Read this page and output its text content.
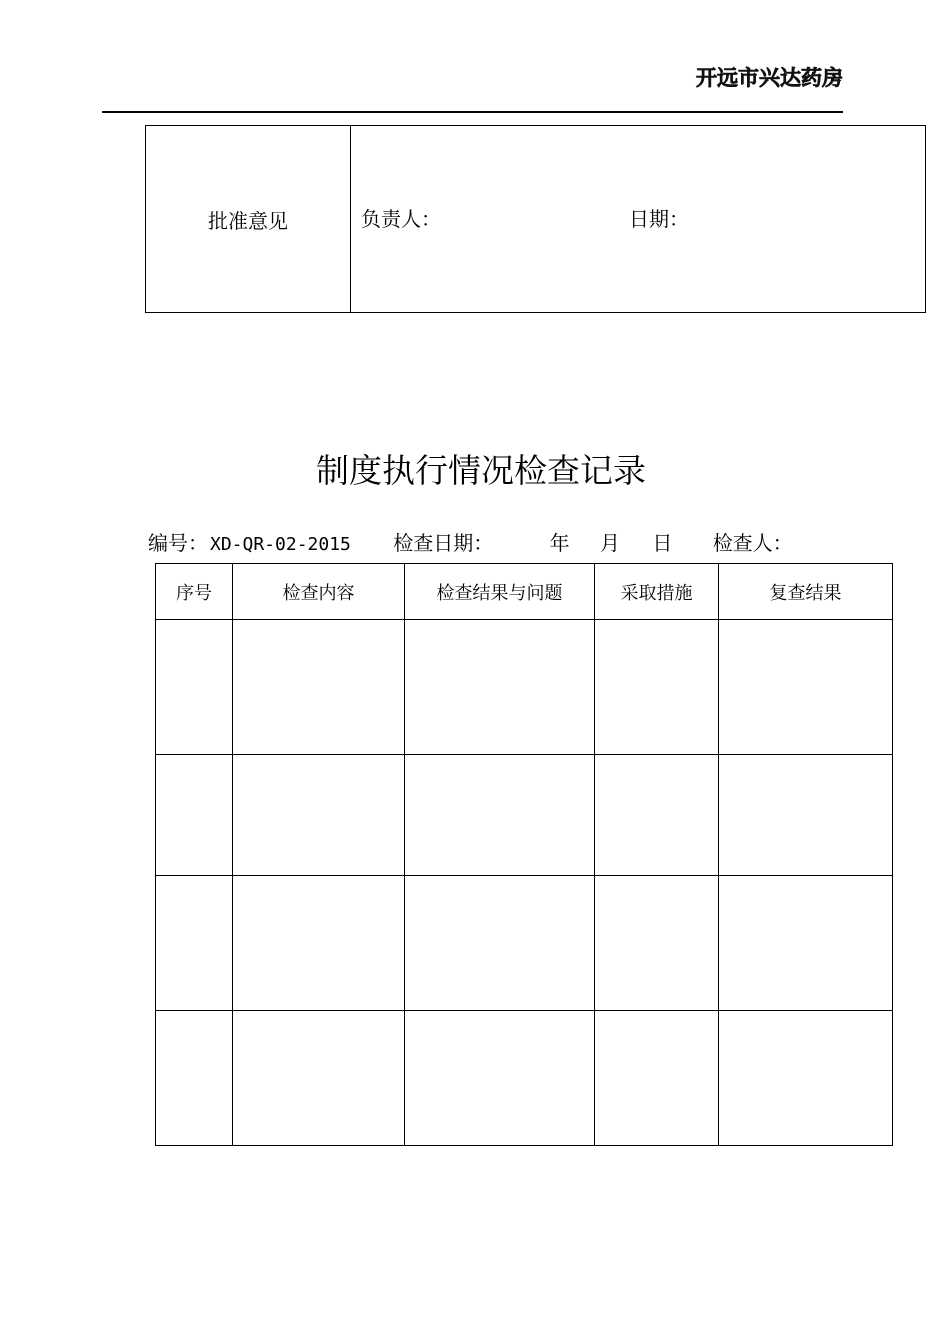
开远市兴达药房
批准意见	负责人：	日期：
制度执行情况检查记录
编号： XD-QR-02-2015 检查日期：	年 月 日 检查人：
序号	检查内容	检查结果与问题	采取措施	复查结果
